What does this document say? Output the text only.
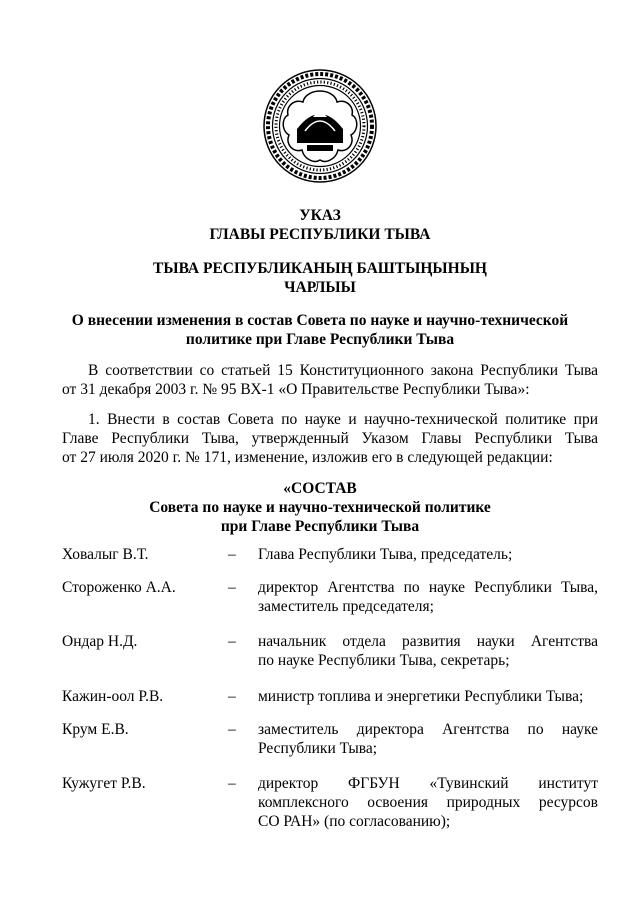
УКАЗ
ГЛАВЫ РЕСПУБЛИКИ ТЫВА
ТЫВА РЕСПУБЛИКАНЫҢ БАШТЫҢЫНЫҢ
ЧАРЛЫЫ
О внесении изменения в состав Совета по науке и научно-технической
политике при Главе Республики Тыва
В соответствии со статьей 15 Конституционного закона Республики Тыва
от 31 декабря 2003 г. № 95 ВХ-1 «О Правительстве Республики Тыва»:
1. Внести в состав Совета по науке и научно-технической политике при
Главе Республики Тыва, утвержденный Указом Главы Республики Тыва
от 27 июля 2020 г. № 171, изменение, изложив его в следующей редакции:
«СОСТАВ
Совета по науке и научно-технической политике
при Главе Республики Тыва
Ховалыг В.Т.	– Глава Республики Тыва, председатель;
Стороженко А.А.	– директор Агентства по науке Республики Тыва,
заместитель председателя;
Ондар Н.Д.	– начальник отдела развития науки Агентства
по науке Республики Тыва, секретарь;
Кажин-оол Р.В.	– министр топлива и энергетики Республики Тыва;
Крум Е.В.	– заместитель директора Агентства по науке
Республики Тыва;
Кужугет Р.В.	– директор ФГБУН «Тувинский институт
комплексного освоения природных ресурсов
СО РАН» (по согласованию);
